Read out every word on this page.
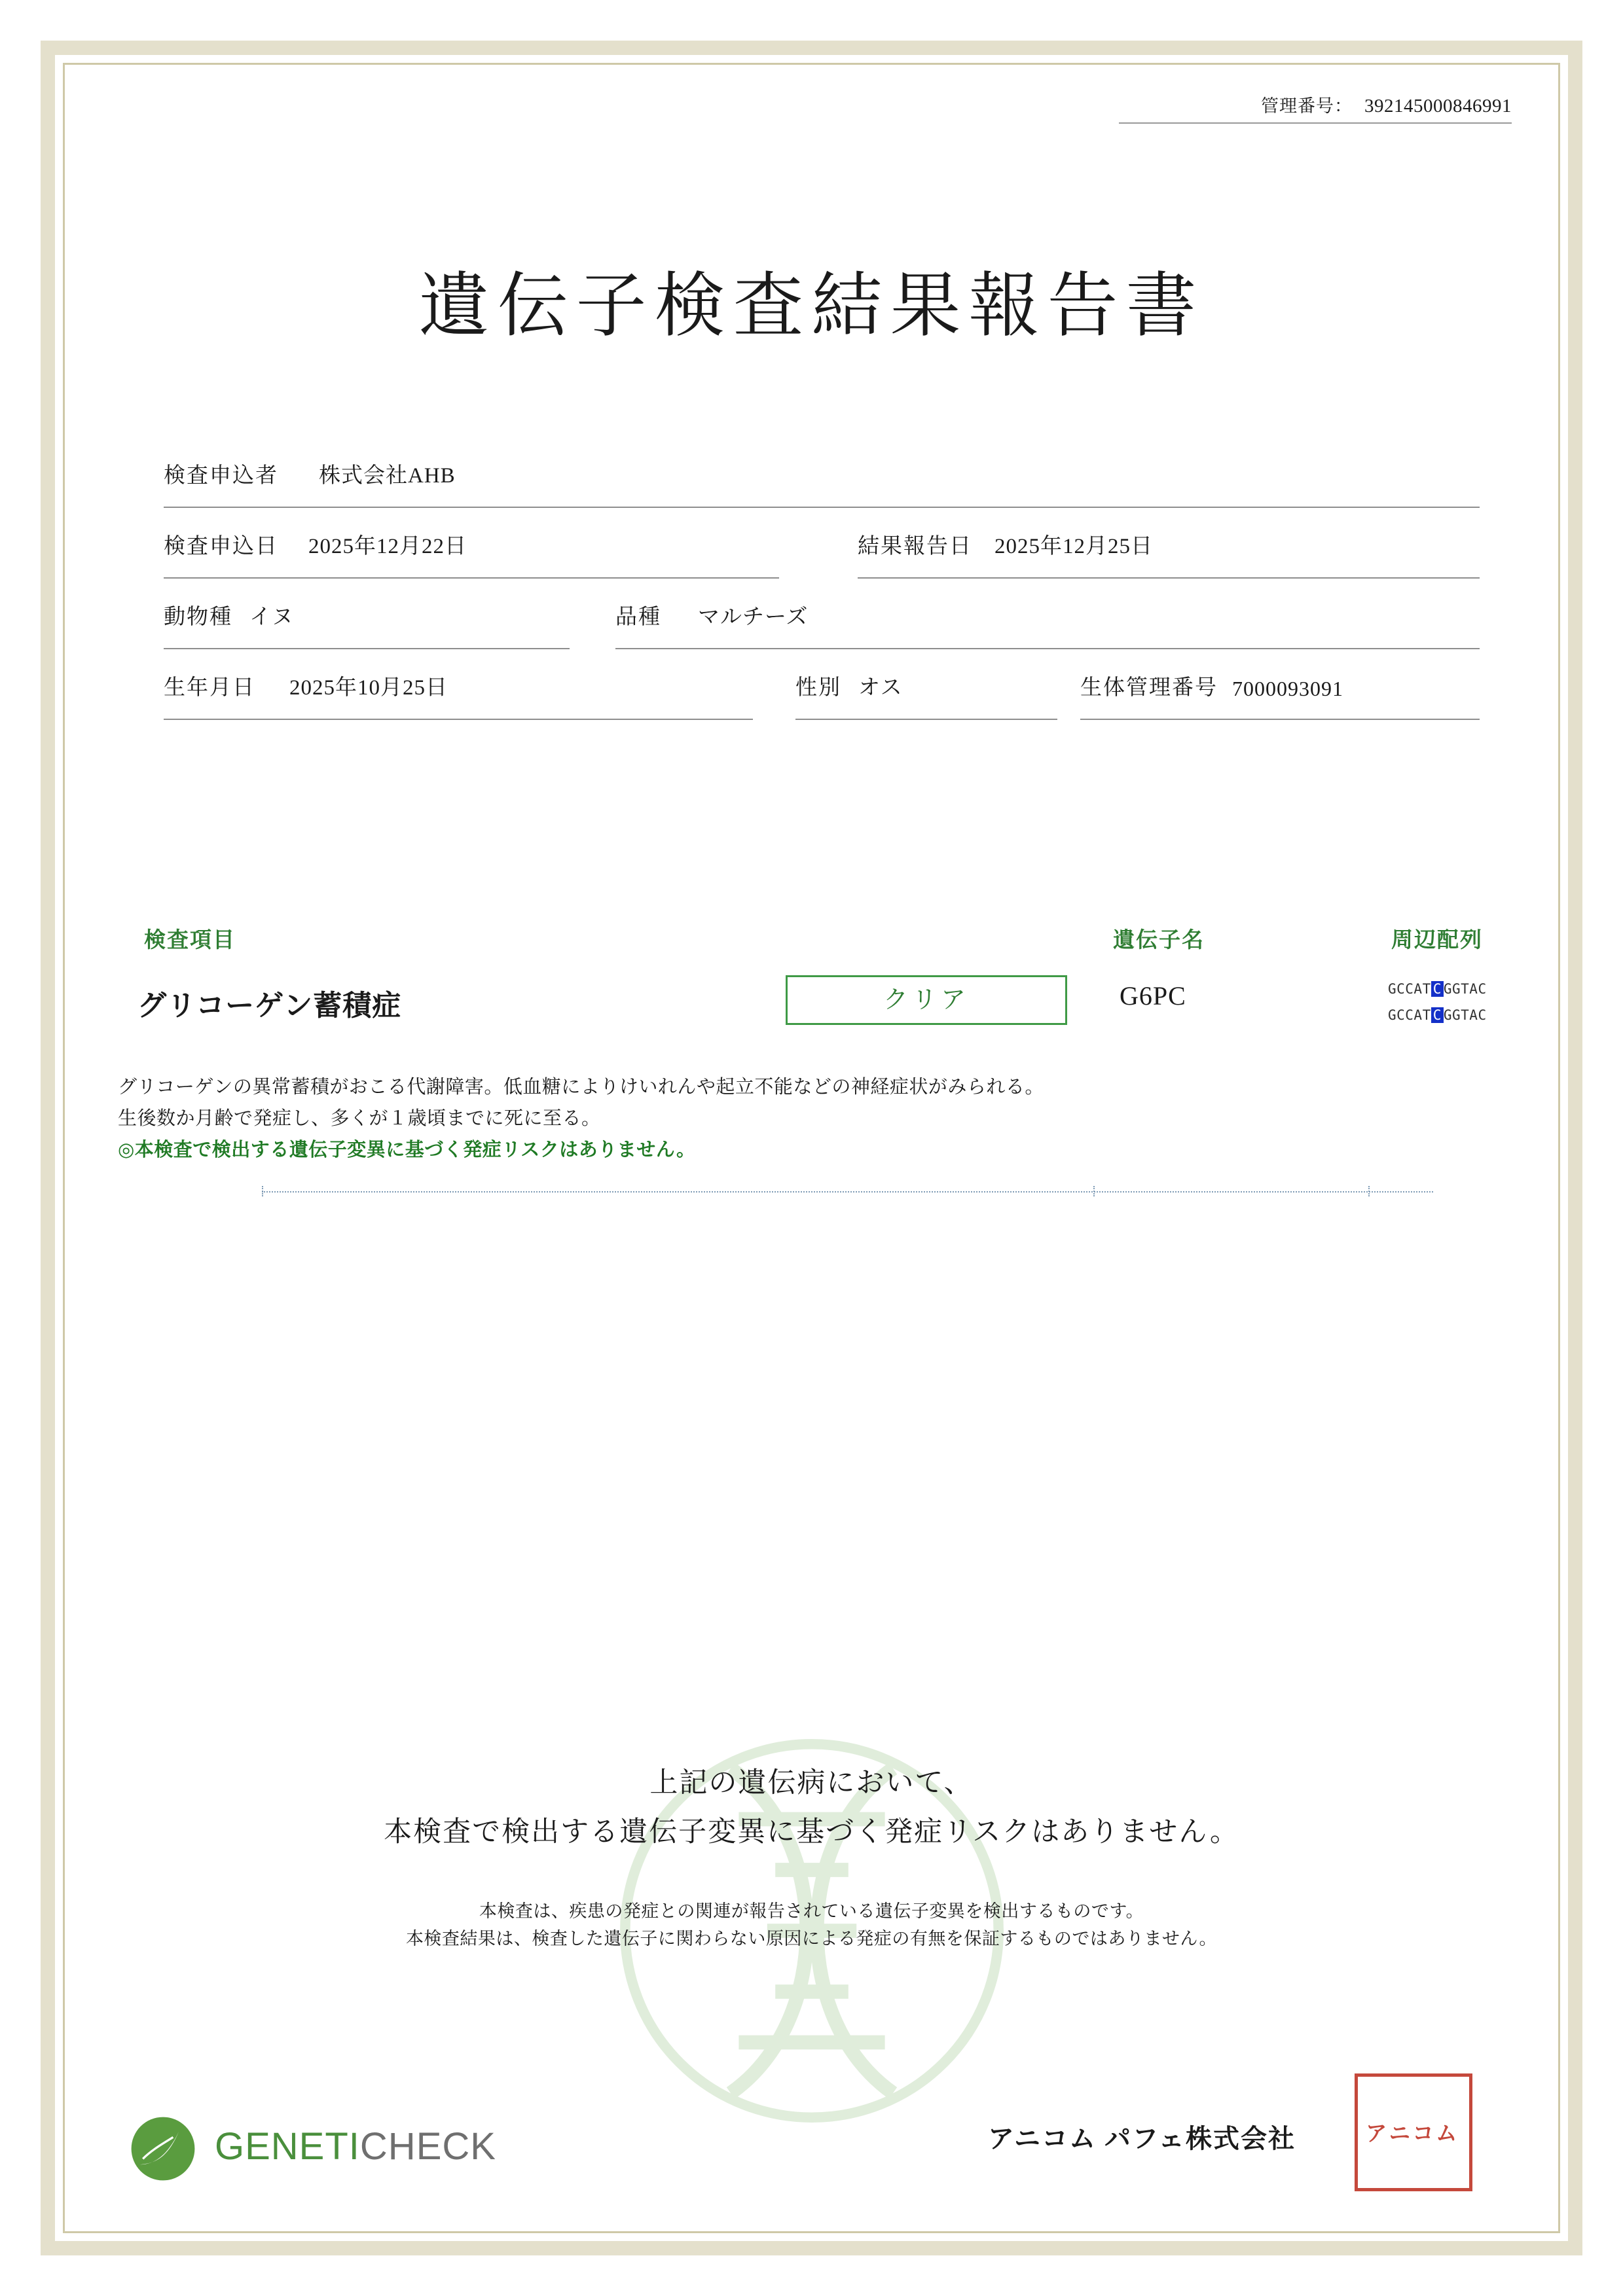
管理番号： 392145000846991
遺伝子検査結果報告書
検査申込者 株式会社AHB
検査申込日 2025年12月22日	結果報告日 2025年12月25日
動物種 イヌ	品種 マルチーズ
生年月日 2025年10月25日	性別 オス	生体管理番号 7000093091
検査項目	遺伝子名	周辺配列
グリコーゲン蓄積症	クリア	G6PC	GCCAT C GGTAC
GCCAT C GGTAC

グリコーゲンの異常蓄積がおこる代謝障害。低血糖によりけいれんや起立不能などの神経症状がみられる。

生後数か月齢で発症し、多くが１歳頃までに死に至る。

◎本検査で検出する遺伝子変異に基づく発症リスクはありません。

上記の遺伝病において、
本検査で検出する遺伝子変異に基づく発症リスクはありません。
本検査は、疾患の発症との関連が報告されている遺伝子変異を検出するものです。
本検査結果は、検査した遺伝子に関わらない原因による発症の有無を保証するものではありません。
GENETICHECK	アニコム パフェ株式会社	アニコム
